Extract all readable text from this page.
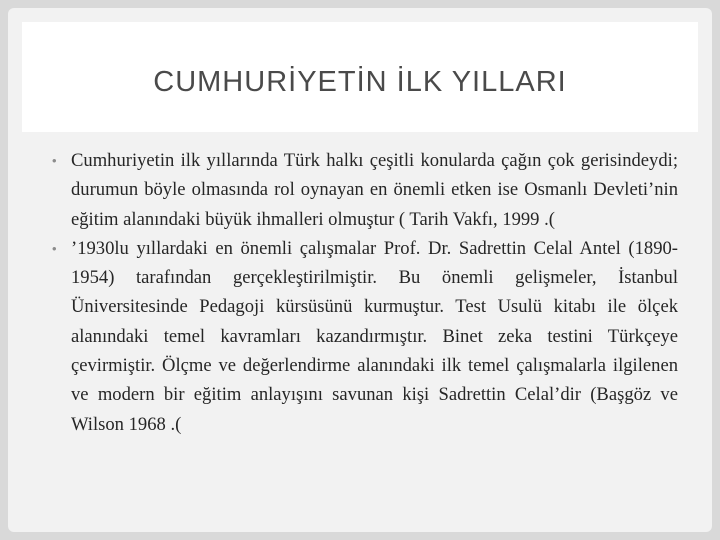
CUMHURİYETİN İLK YILLARI
• Cumhuriyetin ilk yıllarında Türk halkı çeşitli konularda çağın çok gerisindeydi; durumun böyle olmasında rol oynayan en önemli etken ise Osmanlı Devleti’nin eğitim alanındaki büyük ihmalleri olmuştur ( Tarih Vakfı, 1999 .(
• ’1930lu yıllardaki en önemli çalışmalar Prof. Dr. Sadrettin Celal Antel (1890-1954) tarafından gerçekleştirilmiştir. Bu önemli gelişmeler, İstanbul Üniversitesinde Pedagoji kürsüsünü kurmuştur. Test Usulü kitabı ile ölçek alanındaki temel kavramları kazandırmıştır. Binet zeka testini Türkçeye çevirmiştir. Ölçme ve değerlendirme alanındaki ilk temel çalışmalarla ilgilenen ve modern bir eğitim anlayışını savunan kişi Sadrettin Celal’dir (Başgöz ve Wilson 1968 .(
